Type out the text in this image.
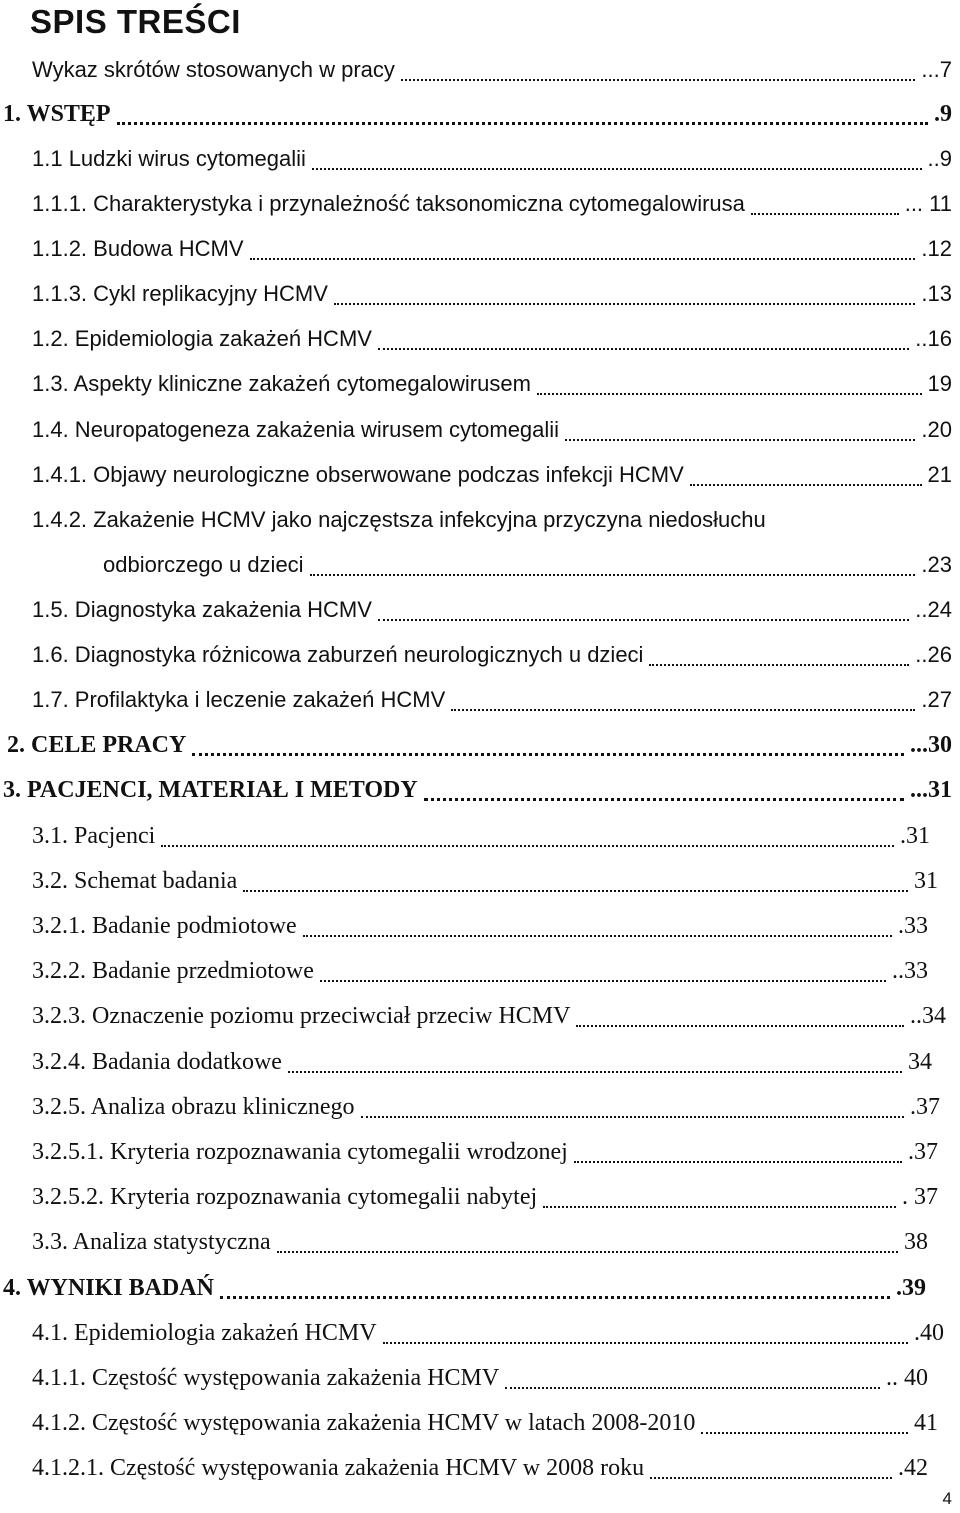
SPIS TREŚCI
Wykaz skrótów stosowanych w pracy	...7
1. WSTĘP	.9
1.1 Ludzki wirus cytomegalii	..9
1.1.1. Charakterystyka i przynależność taksonomiczna cytomegalowirusa	... 11
1.1.2. Budowa HCMV	.12
1.1.3. Cykl replikacyjny HCMV	.13
1.2. Epidemiologia zakażeń HCMV	..16
1.3. Aspekty kliniczne zakażeń cytomegalowirusem	19
1.4. Neuropatogeneza zakażenia wirusem cytomegalii	.20
1.4.1. Objawy neurologiczne obserwowane podczas infekcji HCMV	21
1.4.2. Zakażenie HCMV jako najczęstsza infekcyjna przyczyna niedosłuchu
odbiorczego u dzieci	.23
1.5. Diagnostyka zakażenia HCMV	..24
1.6. Diagnostyka różnicowa zaburzeń neurologicznych u dzieci	..26
1.7. Profilaktyka i leczenie zakażeń HCMV	.27
2. CELE PRACY	...30
3. PACJENCI, MATERIAŁ I METODY	...31
3.1. Pacjenci	.31
3.2. Schemat badania	31
3.2.1. Badanie podmiotowe	.33
3.2.2. Badanie przedmiotowe	..33
3.2.3. Oznaczenie poziomu przeciwciał przeciw HCMV	..34
3.2.4. Badania dodatkowe	34
3.2.5. Analiza obrazu klinicznego	.37
3.2.5.1. Kryteria rozpoznawania cytomegalii wrodzonej	.37
3.2.5.2. Kryteria rozpoznawania cytomegalii nabytej	. 37
3.3. Analiza statystyczna	38
4. WYNIKI BADAŃ	.39
4.1. Epidemiologia zakażeń HCMV	.40
4.1.1. Częstość występowania zakażenia HCMV	.. 40
4.1.2. Częstość występowania zakażenia HCMV w latach 2008-2010	41
4.1.2.1. Częstość występowania zakażenia HCMV w 2008 roku	.42
4
